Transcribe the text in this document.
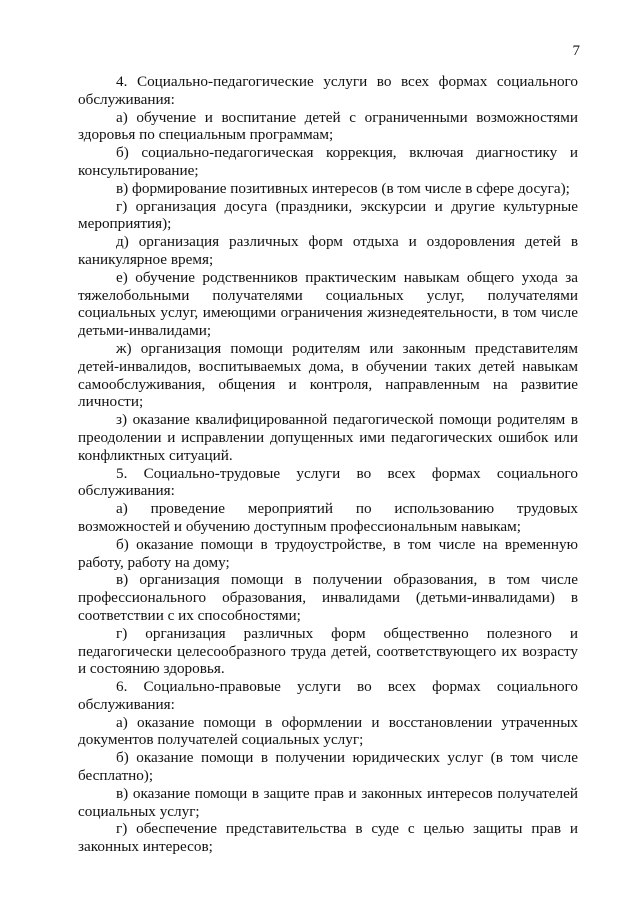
7

4. Социально-педагогические услуги во всех формах социального обслуживания:

а) обучение и воспитание детей с ограниченными возможностями здоровья по специальным программам;

б) социально-педагогическая коррекция, включая диагностику и консультирование;

в) формирование позитивных интересов (в том числе в сфере досуга);

г) организация досуга (праздники, экскурсии и другие культурные мероприятия);

д) организация различных форм отдыха и оздоровления детей в каникулярное время;

е) обучение родственников практическим навыкам общего ухода за тяжелобольными получателями социальных услуг, получателями социальных услуг, имеющими ограничения жизнедеятельности, в том числе детьми-инвалидами;

ж) организация помощи родителям или законным представителям детей-инвалидов, воспитываемых дома, в обучении таких детей навыкам самообслуживания, общения и контроля, направленным на развитие личности;

з) оказание квалифицированной педагогической помощи родителям в преодолении и исправлении допущенных ими педагогических ошибок или конфликтных ситуаций.

5. Социально-трудовые услуги во всех формах социального обслуживания:

а) проведение мероприятий по использованию трудовых возможностей и обучению доступным профессиональным навыкам;

б) оказание помощи в трудоустройстве, в том числе на временную работу, работу на дому;

в) организация помощи в получении образования, в том числе профессионального образования, инвалидами (детьми-инвалидами) в соответствии с их способностями;

г) организация различных форм общественно полезного и педагогически целесообразного труда детей, соответствующего их возрасту и состоянию здоровья.

6. Социально-правовые услуги во всех формах социального обслуживания:

а) оказание помощи в оформлении и восстановлении утраченных документов получателей социальных услуг;

б) оказание помощи в получении юридических услуг (в том числе бесплатно);

в) оказание помощи в защите прав и законных интересов получателей социальных услуг;

г) обеспечение представительства в суде с целью защиты прав и законных интересов;
